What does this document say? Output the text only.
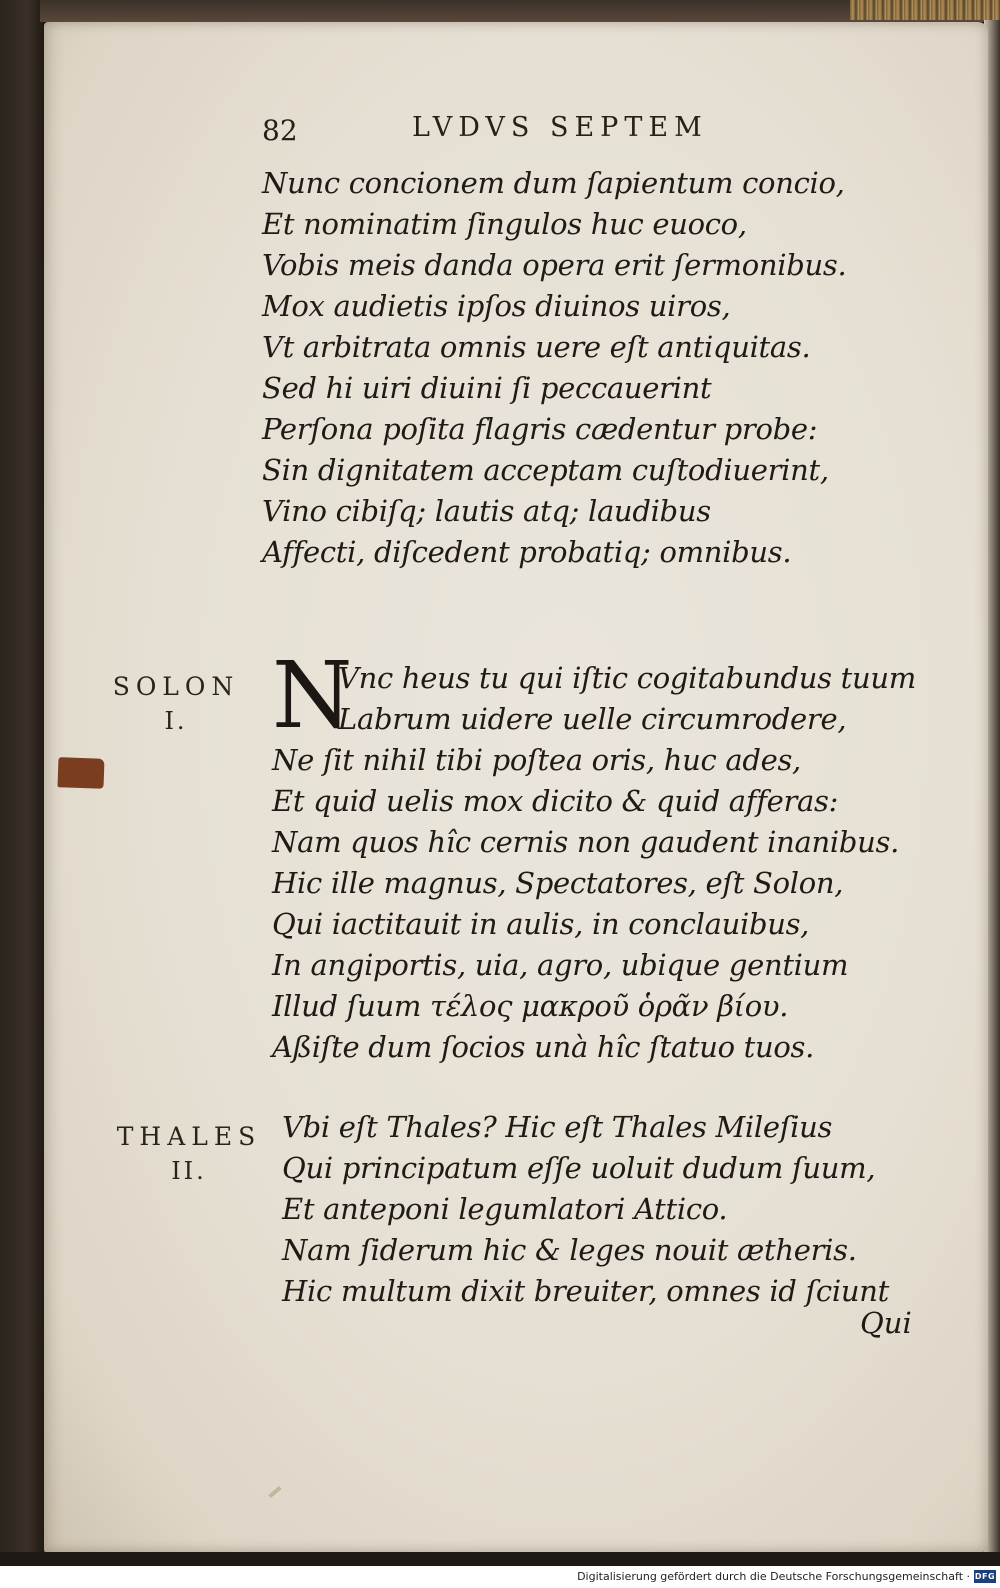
82	LVDVS SEPTEM
Nunc concionem dum ſapientum concio,
Et nominatim ſingulos huc euoco,
Vobis meis danda opera erit ſermonibus.
Mox audietis ipſos diuinos uiros,
Vt arbitrata omnis uere eſt antiquitas.
Sed hi uiri diuini ſi peccauerint
Perſona poſita flagris cædentur probe:
Sin dignitatem acceptam cuſtodiuerint,
Vino cibiſq; lautis atq; laudibus
Affecti, diſcedent probatiq; omnibus.
SOLON
I. N
Vnc heus tu qui iſtic cogitabundus tuum
Labrum uidere uelle circumrodere,
Ne ſit nihil tibi poſtea oris, huc ades,
Et quid uelis mox dicito & quid afferas:
Nam quos hîc cernis non gaudent inanibus.
Hic ille magnus, Spectatores, eſt Solon,
Qui iactitauit in aulis, in conclauibus,
In angiportis, uia, agro, ubique gentium
Illud ſuum τέλος μακροῦ ὁρᾶν βίου.
Aßiſte dum ſocios unà hîc ſtatuo tuos.
THALES
II.
Vbi eſt Thales? Hic eſt Thales Mileſius
Qui principatum eſſe uoluit dudum ſuum,
Et anteponi legumlatori Attico.
Nam ſiderum hic & leges nouit ætheris.
Hic multum dixit breuiter, omnes id ſciunt
Qui
Digitalisierung gefördert durch die Deutsche Forschungsgemeinschaft · DFG
